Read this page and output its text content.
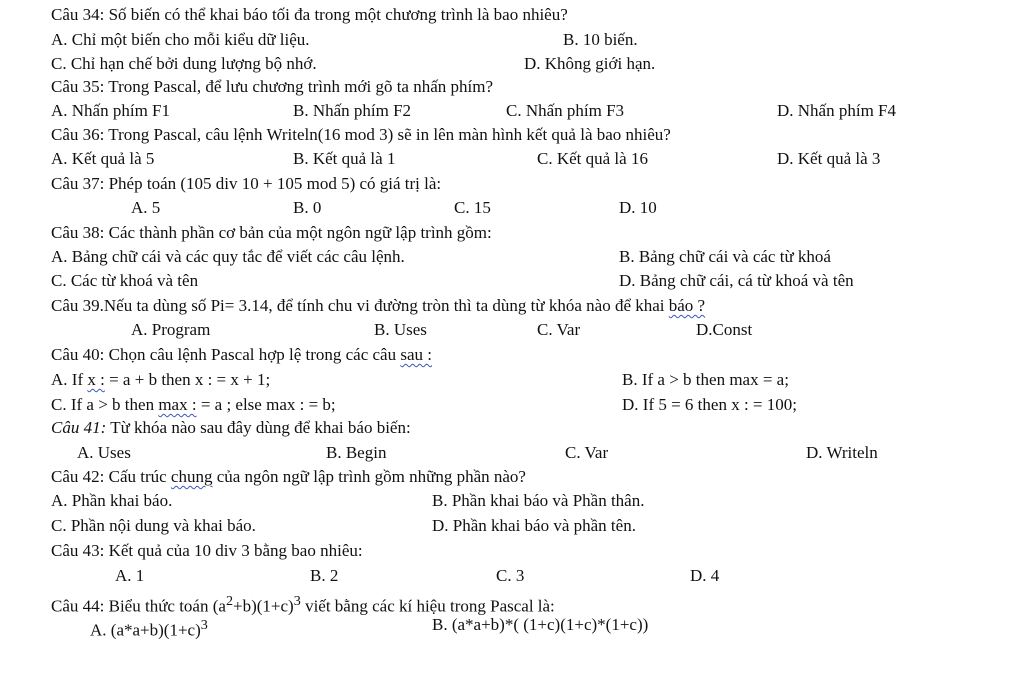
Câu 34: Số biến có thể khai báo tối đa trong một chương trình là bao nhiêu?
A. Chỉ một biến cho mỗi kiểu dữ liệu.	B. 10 biến.
C. Chỉ hạn chế bởi dung lượng bộ nhớ.	D. Không giới hạn.
Câu 35: Trong Pascal, để lưu chương trình mới gõ ta nhấn phím?
A. Nhấn phím F1	B. Nhấn phím F2	C. Nhấn phím F3	D. Nhấn phím F4
Câu 36: Trong Pascal, câu lệnh Writeln(16 mod 3) sẽ in lên màn hình kết quả là bao nhiêu?
A. Kết quả là 5	B. Kết quả là 1	C. Kết quả là 16	D. Kết quả là 3
Câu 37: Phép toán (105 div 10 + 105 mod 5) có giá trị là:
A. 5	B. 0	C. 15	D. 10
Câu 38: Các thành phần cơ bản của một ngôn ngữ lập trình gồm:
A. Bảng chữ cái và các quy tắc để viết các câu lệnh.	B. Bảng chữ cái và các từ khoá
C. Các từ khoá và tên	D. Bảng chữ cái, cá từ khoá và tên
Câu 39.Nếu ta dùng số Pi= 3.14, để tính chu vi đường tròn thì ta dùng từ khóa nào để khai báo ?
A. Program	B. Uses	C. Var	D.Const
Câu 40: Chọn câu lệnh Pascal hợp lệ trong các câu sau :
A. If x : = a + b then x : = x + 1;	B. If a > b then max = a;
C. If a > b then max : = a ; else max : = b;	D. If 5 = 6 then x : = 100;
Câu 41: Từ khóa nào sau đây dùng để khai báo biến:
A. Uses	B. Begin	C. Var	D. Writeln
Câu 42: Cấu trúc chung của ngôn ngữ lập trình gồm những phần nào?
A. Phần khai báo.	B. Phần khai báo và Phần thân.
C. Phần nội dung và khai báo.	D. Phần khai báo và phần tên.
Câu 43: Kết quả của 10 div 3 bằng bao nhiêu:
A. 1	B. 2	C. 3	D. 4
Câu 44: Biểu thức toán $(a^2+b)(1+c)^3$ viết bằng các kí hiệu trong Pascal là:
A. $(a*a+b)(1+c)^3$	B. (a*a+b)*( (1+c)(1+c)*(1+c))
